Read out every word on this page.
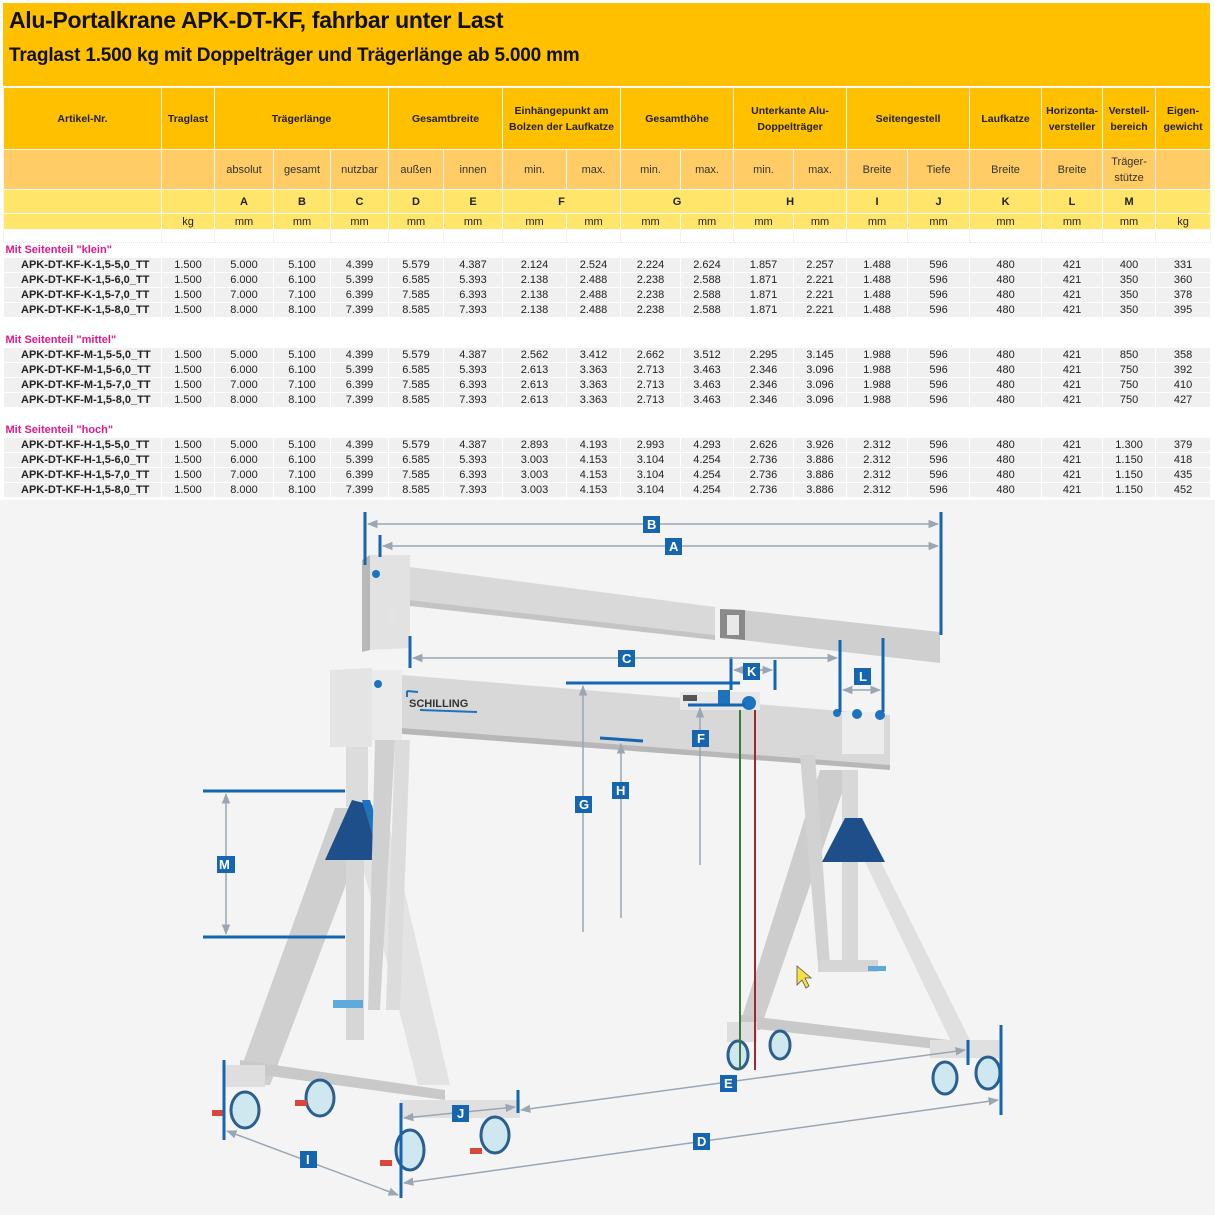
Alu-Portalkrane APK-DT-KF, fahrbar unter Last
Traglast 1.500 kg mit Doppelträger und Trägerlänge ab 5.000 mm
Artikel-Nr.	Traglast	Trägerlänge			Gesamtbreite		Einhängepunkt am Bolzen der Laufkatze		Gesamthöhe		Unterkante Alu-Doppelträger		Seitengestell		Laufkatze	Horizonta-versteller	Verstell-bereich	Eigen-gewicht
		absolut	gesamt	nutzbar	außen	innen	min.	max.	min.	max.	min.	max.	Breite	Tiefe	Breite	Breite	Träger-stütze	
		A	B	C	D	E	F		G		H		I	J	K	L	M	
	kg	mm	mm	mm	mm	mm	mm	mm	mm	mm	mm	mm	mm	mm	mm	mm	mm	kg

Mit Seitenteil "klein"																		
APK-DT-KF-K-1,5-5,0_TT	1.500	5.000	5.100	4.399	5.579	4.387	2.124	2.524	2.224	2.624	1.857	2.257	1.488	596	480	421	400	331
APK-DT-KF-K-1,5-6,0_TT	1.500	6.000	6.100	5.399	6.585	5.393	2.138	2.488	2.238	2.588	1.871	2.221	1.488	596	480	421	350	360
APK-DT-KF-K-1,5-7,0_TT	1.500	7.000	7.100	6.399	7.585	6.393	2.138	2.488	2.238	2.588	1.871	2.221	1.488	596	480	421	350	378
APK-DT-KF-K-1,5-8,0_TT	1.500	8.000	8.100	7.399	8.585	7.393	2.138	2.488	2.238	2.588	1.871	2.221	1.488	596	480	421	350	395

Mit Seitenteil "mittel"																		
APK-DT-KF-M-1,5-5,0_TT	1.500	5.000	5.100	4.399	5.579	4.387	2.562	3.412	2.662	3.512	2.295	3.145	1.988	596	480	421	850	358
APK-DT-KF-M-1,5-6,0_TT	1.500	6.000	6.100	5.399	6.585	5.393	2.613	3.363	2.713	3.463	2.346	3.096	1.988	596	480	421	750	392
APK-DT-KF-M-1,5-7,0_TT	1.500	7.000	7.100	6.399	7.585	6.393	2.613	3.363	2.713	3.463	2.346	3.096	1.988	596	480	421	750	410
APK-DT-KF-M-1,5-8,0_TT	1.500	8.000	8.100	7.399	8.585	7.393	2.613	3.363	2.713	3.463	2.346	3.096	1.988	596	480	421	750	427

Mit Seitenteil "hoch"																		
APK-DT-KF-H-1,5-5,0_TT	1.500	5.000	5.100	4.399	5.579	4.387	2.893	4.193	2.993	4.293	2.626	3.926	2.312	596	480	421	1.300	379
APK-DT-KF-H-1,5-6,0_TT	1.500	6.000	6.100	5.399	6.585	5.393	3.003	4.153	3.104	4.254	2.736	3.886	2.312	596	480	421	1.150	418
APK-DT-KF-H-1,5-7,0_TT	1.500	7.000	7.100	6.399	7.585	6.393	3.003	4.153	3.104	4.254	2.736	3.886	2.312	596	480	421	1.150	435
APK-DT-KF-H-1,5-8,0_TT	1.500	8.000	8.100	7.399	8.585	7.393	3.003	4.153	3.104	4.254	2.736	3.886	2.312	596	480	421	1.150	452
SCHILLING
B
A
C
K	L
F
H
G
M
E
J
D
I
